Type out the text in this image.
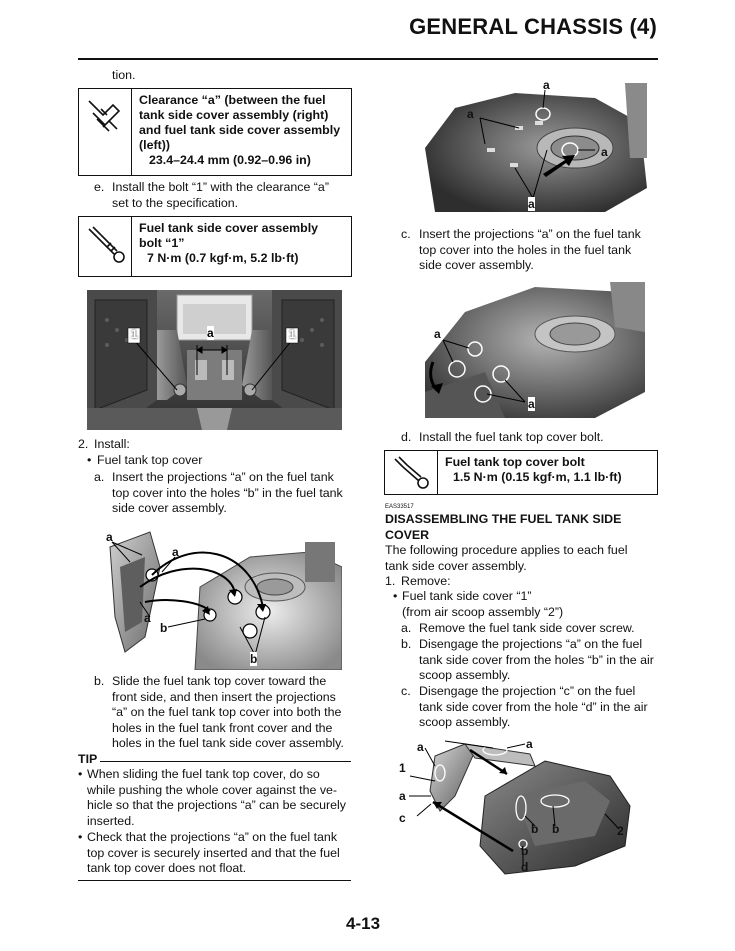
GENERAL CHASSIS (4)
tion.
Clearance “a” (between the fuel
tank side cover assembly (right)
and fuel tank side cover assembly
(left))
23.4–24.4 mm (0.92–0.96 in)
e. Install the bolt “1” with the clearance “a”
set to the specification.
Fuel tank side cover assembly
bolt “1”
7 N·m (0.7 kgf·m, 5.2 lb·ft)
1	a	1
2. Install:
• Fuel tank top cover
a. Insert the projections “a” on the fuel tank
top cover into the holes “b” in the fuel tank
side cover assembly.
a
a
a
b
b
b. Slide the fuel tank top cover toward the
front side, and then insert the projections
“a” on the fuel tank top cover into both the
holes in the fuel tank front cover and the
holes in the fuel tank side cover assembly.
TIP
• When sliding the fuel tank top cover, do so
while pushing the whole cover against the ve-
hicle so that the projections “a” can be securely
inserted.
• Check that the projections “a” on the fuel tank
top cover is securely inserted and that the fuel
tank top cover does not float.
a
a
a
a
c. Insert the projections “a” on the fuel tank
top cover into the holes in the fuel tank
side cover assembly.
a
a
d. Install the fuel tank top cover bolt.
Fuel tank top cover bolt
1.5 N·m (0.15 kgf·m, 1.1 lb·ft)
EAS33517
DISASSEMBLING THE FUEL TANK SIDE
COVER
The following procedure applies to each fuel
tank side cover assembly.
1. Remove:
• Fuel tank side cover “1”
(from air scoop assembly “2”)
a. Remove the fuel tank side cover screw.
b. Disengage the projections “a” on the fuel
tank side cover from the holes “b” in the air
scoop assembly.
c. Disengage the projection “c” on the fuel
tank side cover from the hole “d” in the air
scoop assembly.
a	a
1
a
c
b b	2
b
d
4-13
